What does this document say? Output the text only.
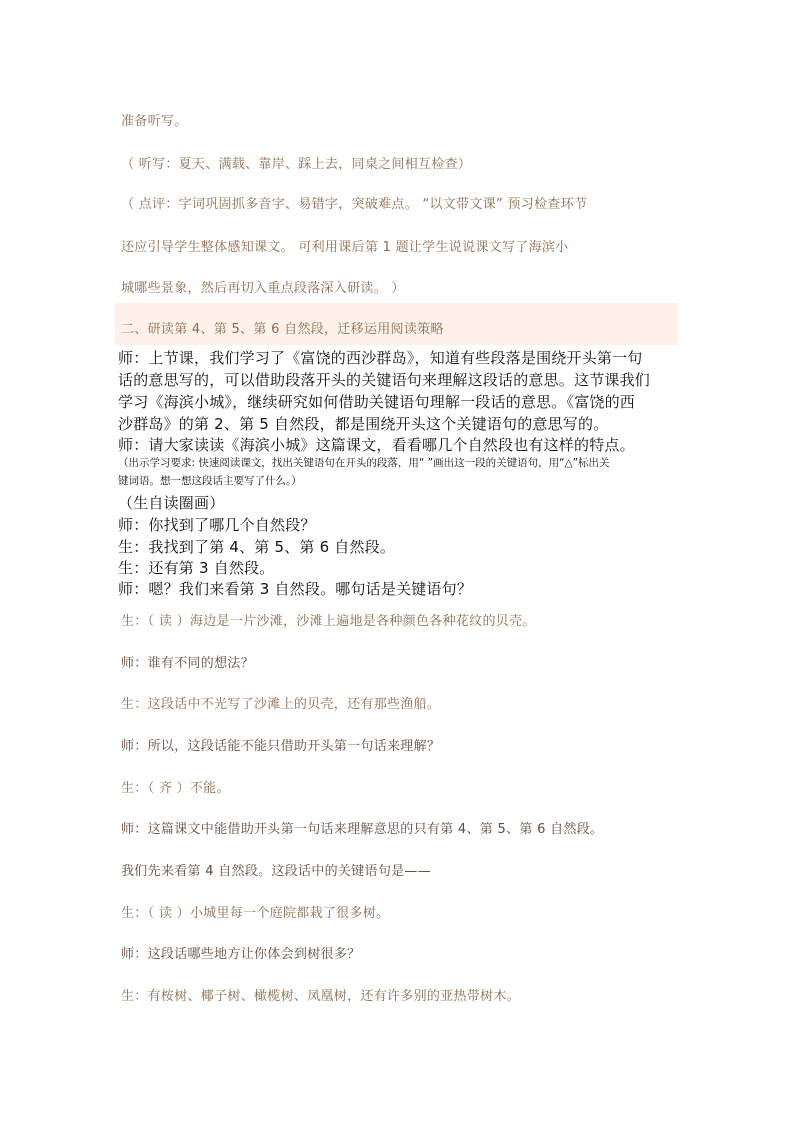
准备听写。
（ 听写：夏天、满载、靠岸、踩上去，同桌之间相互检查）
（ 点评：字词巩固抓多音字、易错字，突破难点。 “以文带文课” 预习检查环节
还应引导学生整体感知课文。 可利用课后第 1 题让学生说说课文写了海滨小
城哪些景象，然后再切入重点段落深入研读。 ）
二、研读第 4、第 5、第 6 自然段，迁移运用阅读策略
师：上节课，我们学习了《富饶的西沙群岛》，知道有些段落是围绕开头第一句
话的意思写的，可以借助段落开头的关键语句来理解这段话的意思。这节课我们
学习《海滨小城》，继续研究如何借助关键语句理解一段话的意思。《富饶的西
沙群岛》的第 2、第 5 自然段，都是围绕开头这个关键语句的意思写的。
师：请大家读读《海滨小城》这篇课文，看看哪几个自然段也有这样的特点。
（出示学习要求: 快速阅读课文，找出关键语句在开头的段落，用“ ”画出这一段的关键语句，用“△”标出关
键词语。想一想这段话主要写了什么。）
（生自读圈画）
师：你找到了哪几个自然段？
生：我找到了第 4、第 5、第 6 自然段。
生：还有第 3 自然段。
师：嗯？我们来看第 3 自然段。哪句话是关键语句？
生：（ 读 ）海边是一片沙滩，沙滩上遍地是各种颜色各种花纹的贝壳。
师：谁有不同的想法？
生：这段话中不光写了沙滩上的贝壳，还有那些渔船。
师：所以，这段话能不能只借助开头第一句话来理解？
生：（ 齐 ）不能。
师：这篇课文中能借助开头第一句话来理解意思的只有第 4、第 5、第 6 自然段。
我们先来看第 4 自然段。这段话中的关键语句是——
生：（ 读 ）小城里每一个庭院都栽了很多树。
师：这段话哪些地方让你体会到树很多？
生：有桉树、椰子树、橄榄树、凤凰树，还有许多别的亚热带树木。
